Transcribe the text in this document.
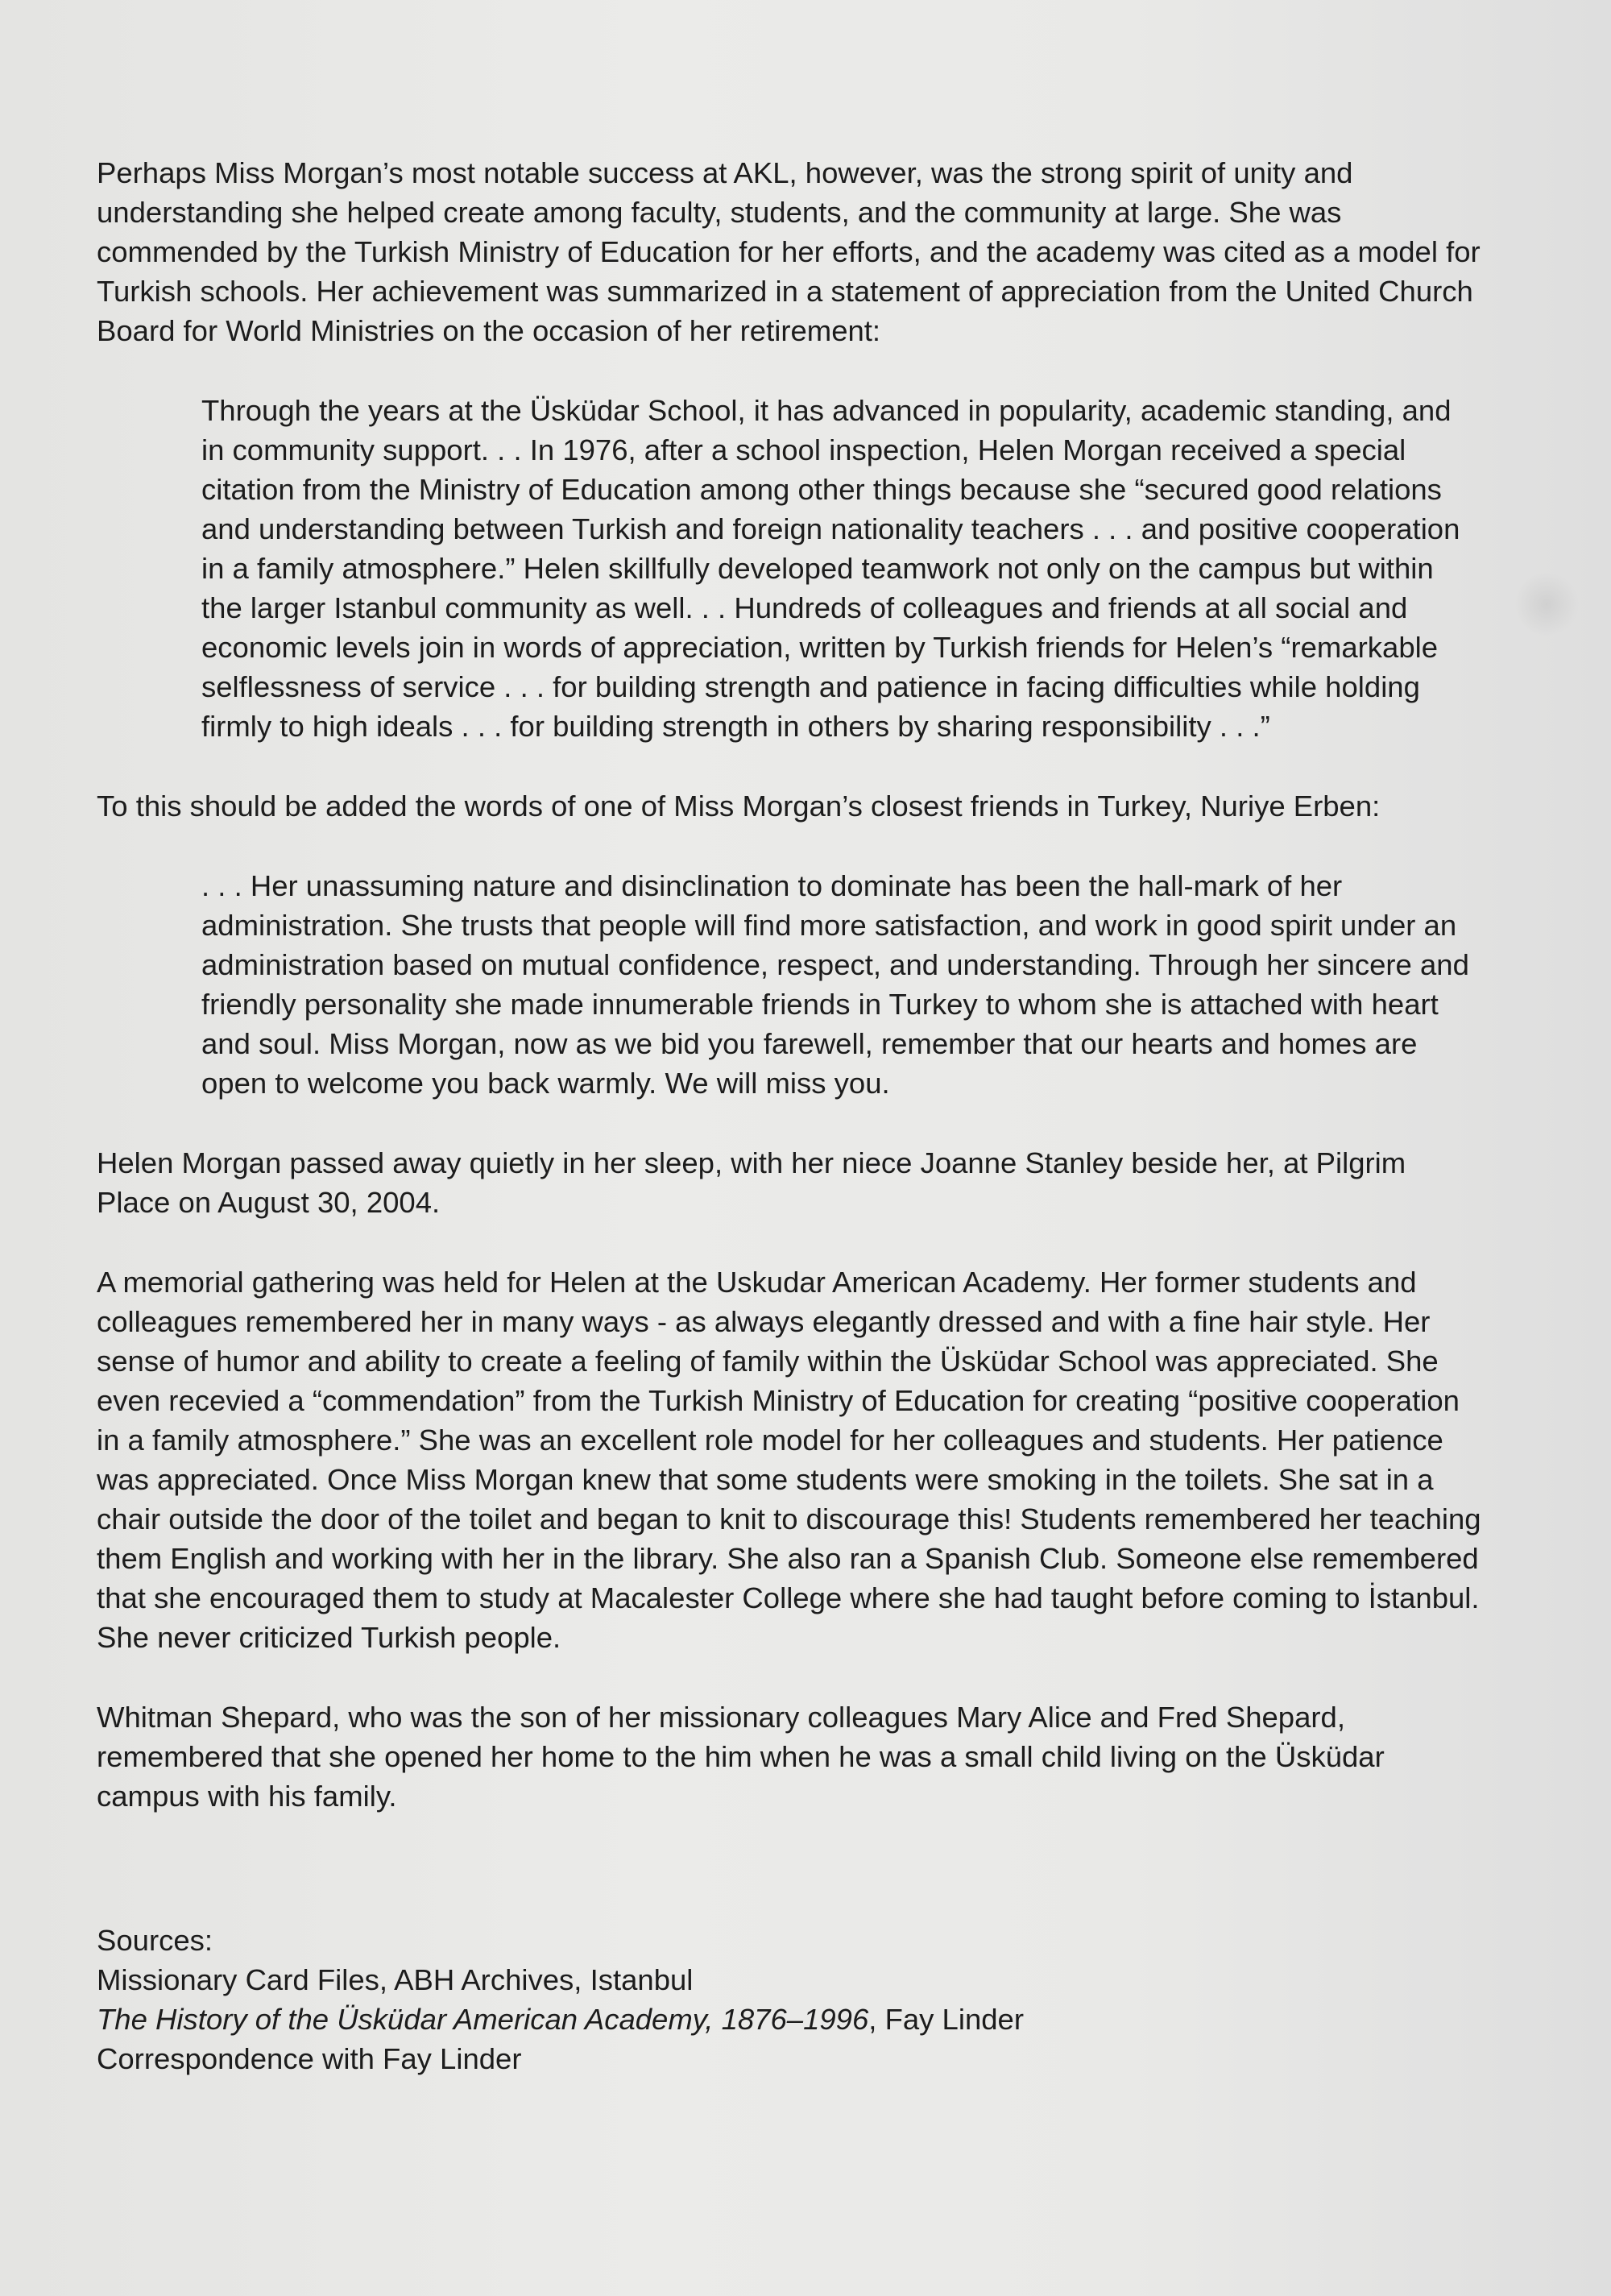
Perhaps Miss Morgan’s most notable success at AKL, however, was the strong spirit of unity and understanding she helped create among faculty, students, and the community at large. She was commended by the Turkish Ministry of Education for her efforts, and the academy was cited as a model for Turkish schools. Her achievement was summarized in a statement of appreciation from the United Church Board for World Ministries on the occasion of her retirement:

Through the years at the Üsküdar School, it has advanced in popularity, academic standing, and in community support. . . In 1976, after a school inspection, Helen Morgan received a special citation from the Ministry of Education among other things because she “secured good relations and understanding between Turkish and foreign nationality teachers . . . and positive cooperation in a family atmosphere.” Helen skillfully developed teamwork not only on the campus but within the larger Istanbul community as well. . . Hundreds of colleagues and friends at all social and economic levels join in words of appreciation, written by Turkish friends for Helen’s “remarkable selflessness of service . . . for building strength and patience in facing difficulties while holding firmly to high ideals . . . for building strength in others by sharing responsibility . . .”

To this should be added the words of one of Miss Morgan’s closest friends in Turkey, Nuriye Erben:

. . . Her unassuming nature and disinclination to dominate has been the hall-mark of her administration. She trusts that people will find more satisfaction, and work in good spirit under an administration based on mutual confidence, respect, and understanding. Through her sincere and friendly personality she made innumerable friends in Turkey to whom she is attached with heart and soul. Miss Morgan, now as we bid you farewell, remember that our hearts and homes are open to welcome you back warmly. We will miss you.

Helen Morgan passed away quietly in her sleep, with her niece Joanne Stanley beside her, at Pilgrim Place on August 30, 2004.

A memorial gathering was held for Helen at the Uskudar American Academy. Her former students and colleagues remembered her in many ways - as always elegantly dressed and with a fine hair style. Her sense of humor and ability to create a feeling of family within the Üsküdar School was appreciated. She even recevied a “commendation” from the Turkish Ministry of Education for creating “positive cooperation in a family atmosphere.” She was an excellent role model for her colleagues and students. Her patience was appreciated. Once Miss Morgan knew that some students were smoking in the toilets. She sat in a chair outside the door of the toilet and began to knit to discourage this! Students remembered her teaching them English and working with her in the library. She also ran a Spanish Club. Someone else remembered that she encouraged them to study at Macalester College where she had taught before coming to İstanbul. She never criticized Turkish people.

Whitman Shepard, who was the son of her missionary colleagues Mary Alice and Fred Shepard, remembered that she opened her home to the him when he was a small child living on the Üsküdar campus with his family.

Sources:
Missionary Card Files, ABH Archives, Istanbul
The History of the Üsküdar American Academy, 1876–1996, Fay Linder
Correspondence with Fay Linder
